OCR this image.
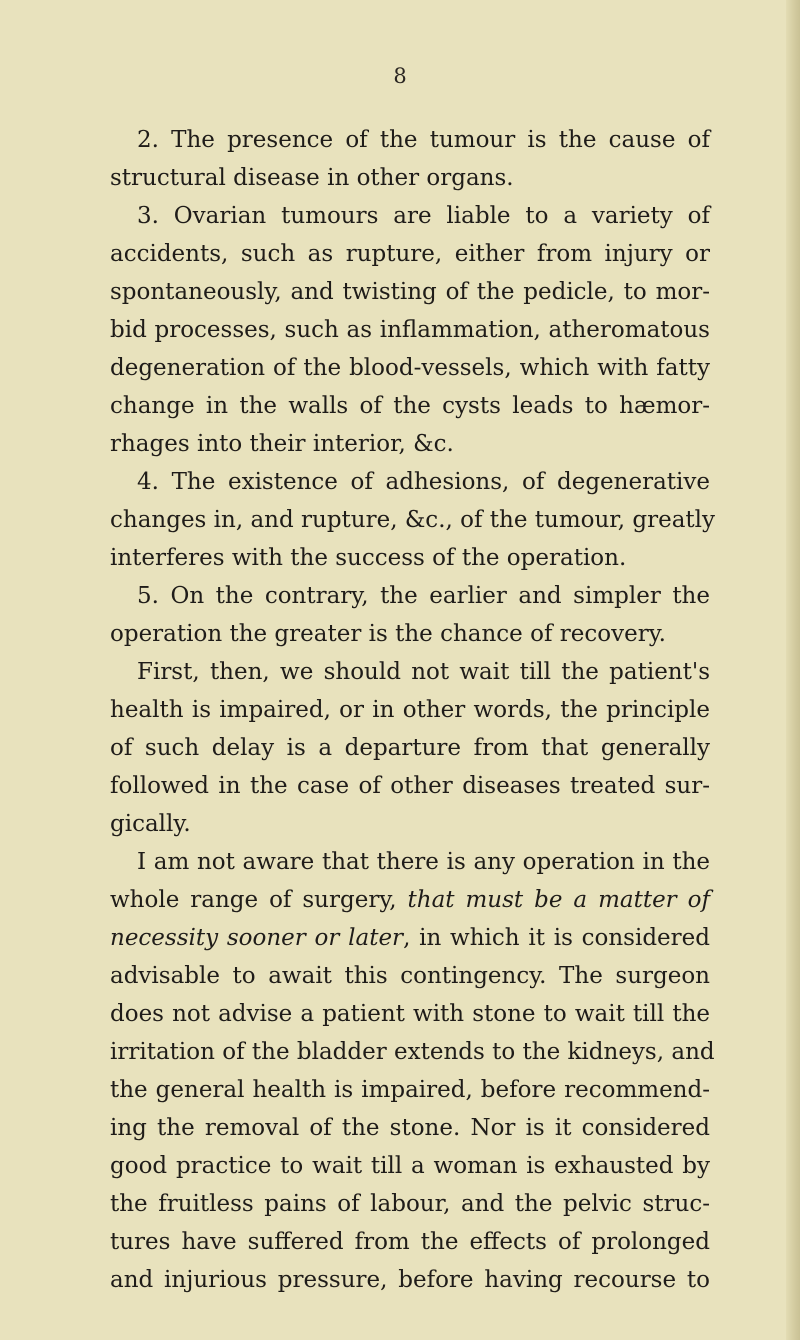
8
2. The presence of the tumour is the cause of
structural disease in other organs.
3. Ovarian tumours are liable to a variety of
accidents, such as rupture, either from injury or
spontaneously, and twisting of the pedicle, to mor-
bid processes, such as inflammation, atheromatous
degeneration of the blood-vessels, which with fatty
change in the walls of the cysts leads to hæmor-
rhages into their interior, &c.
4. The existence of adhesions, of degenerative
changes in, and rupture, &c., of the tumour, greatly
interferes with the success of the operation.
5. On the contrary, the earlier and simpler the
operation the greater is the chance of recovery.
First, then, we should not wait till the patient's
health is impaired, or in other words, the principle
of such delay is a departure from that generally
followed in the case of other diseases treated sur-
gically.
I am not aware that there is any operation in the
whole range of surgery, that must be a matter of
necessity sooner or later, in which it is considered
advisable to await this contingency. The surgeon
does not advise a patient with stone to wait till the
irritation of the bladder extends to the kidneys, and
the general health is impaired, before recommend-
ing the removal of the stone. Nor is it considered
good practice to wait till a woman is exhausted by
the fruitless pains of labour, and the pelvic struc-
tures have suffered from the effects of prolonged
and injurious pressure, before having recourse to
